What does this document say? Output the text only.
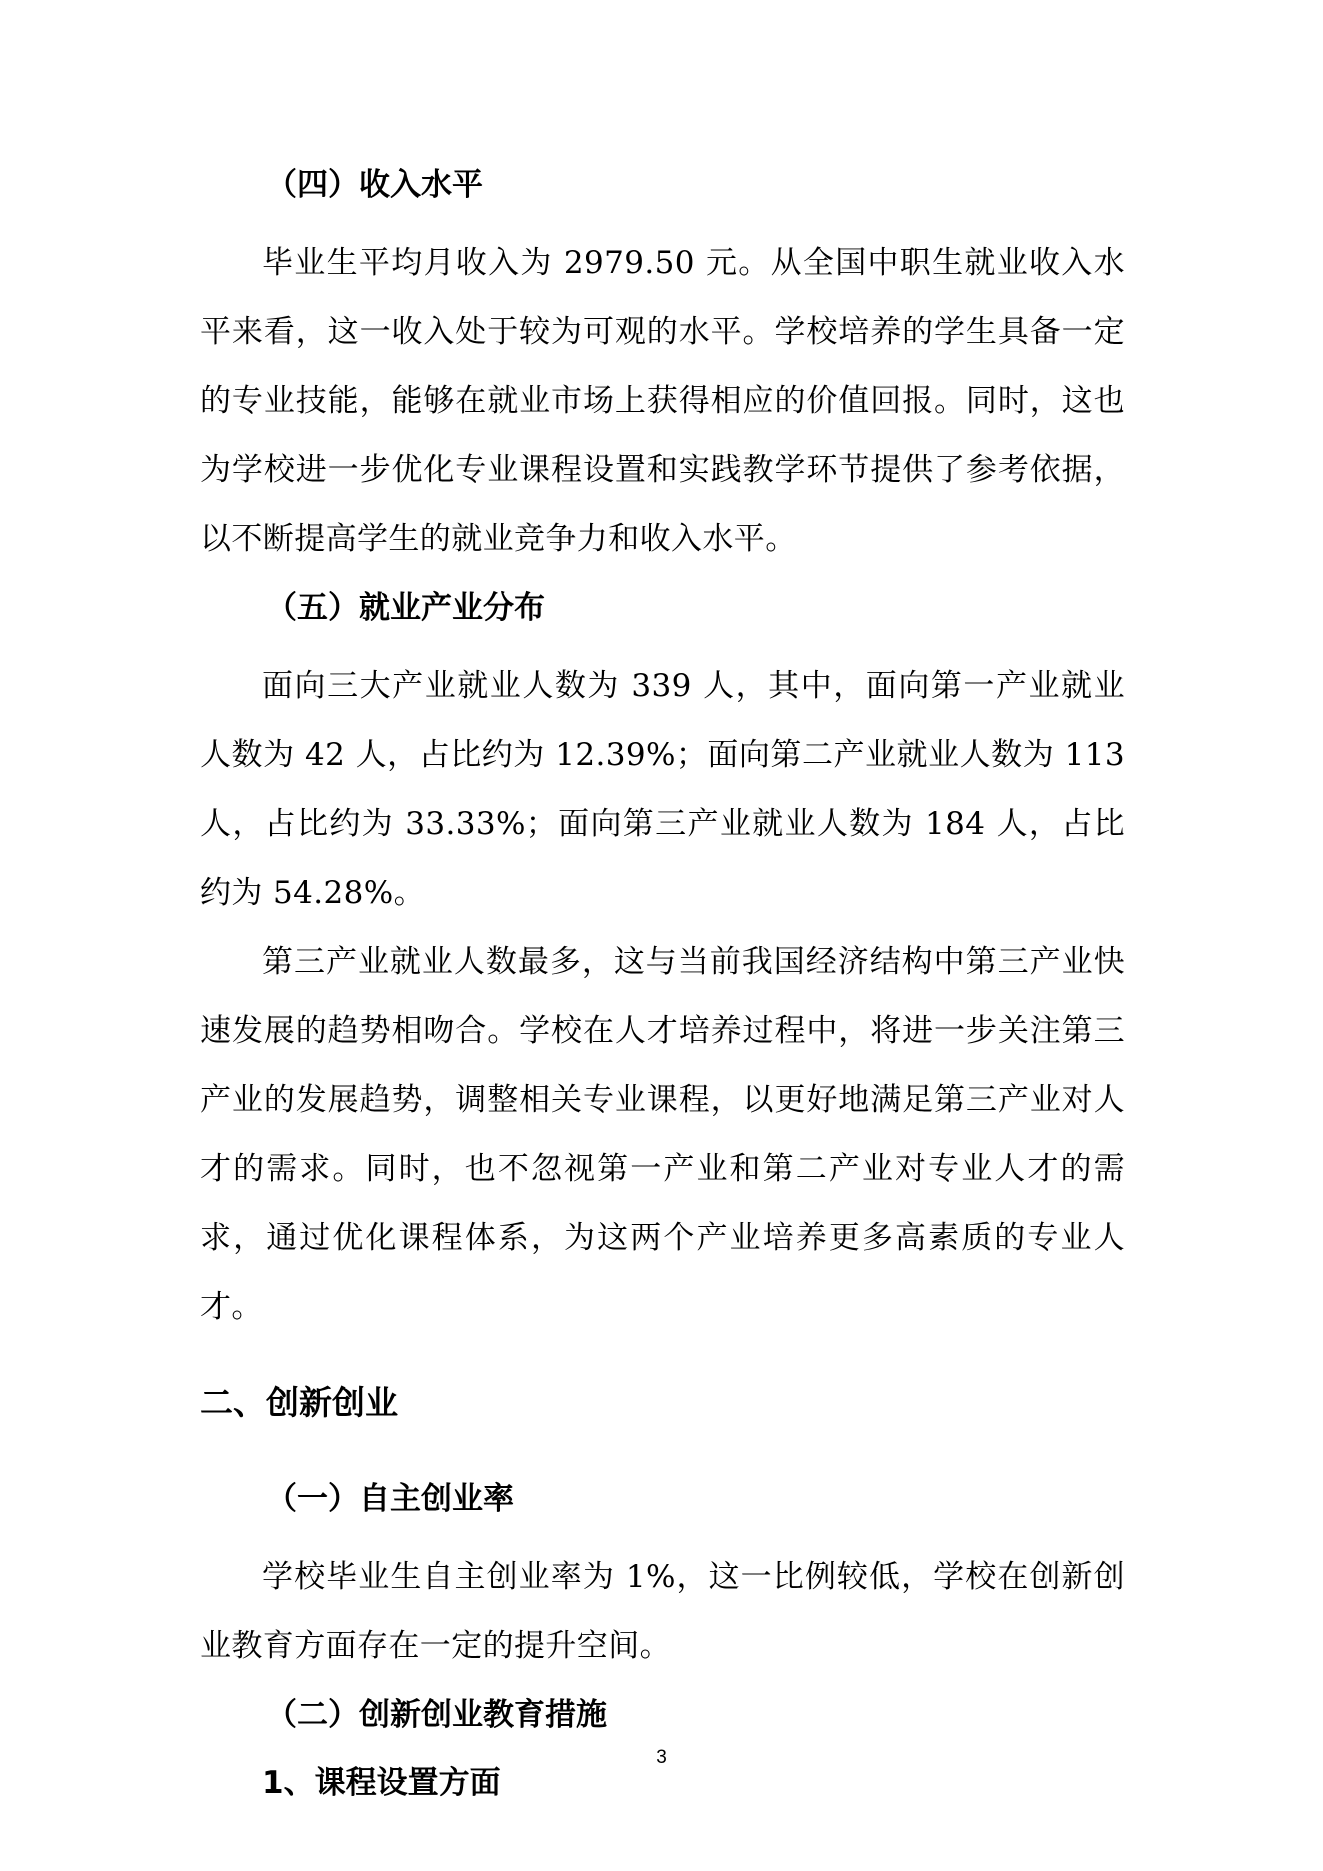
（四）收入水平

毕业生平均月收入为 2979.50 元。从全国中职生就业收入水平来看，这一收入处于较为可观的水平。学校培养的学生具备一定的专业技能，能够在就业市场上获得相应的价值回报。同时，这也为学校进一步优化专业课程设置和实践教学环节提供了参考依据，以不断提高学生的就业竞争力和收入水平。

（五）就业产业分布

面向三大产业就业人数为 339 人，其中，面向第一产业就业人数为 42 人，占比约为 12.39%；面向第二产业就业人数为 113 人，占比约为 33.33%；面向第三产业就业人数为 184 人，占比约为 54.28%。

第三产业就业人数最多，这与当前我国经济结构中第三产业快速发展的趋势相吻合。学校在人才培养过程中，将进一步关注第三产业的发展趋势，调整相关专业课程，以更好地满足第三产业对人才的需求。同时，也不忽视第一产业和第二产业对专业人才的需求，通过优化课程体系，为这两个产业培养更多高素质的专业人才。

二、创新创业
（一）自主创业率

学校毕业生自主创业率为 1%，这一比例较低，学校在创新创业教育方面存在一定的提升空间。

（二）创新创业教育措施
1、课程设置方面
3
